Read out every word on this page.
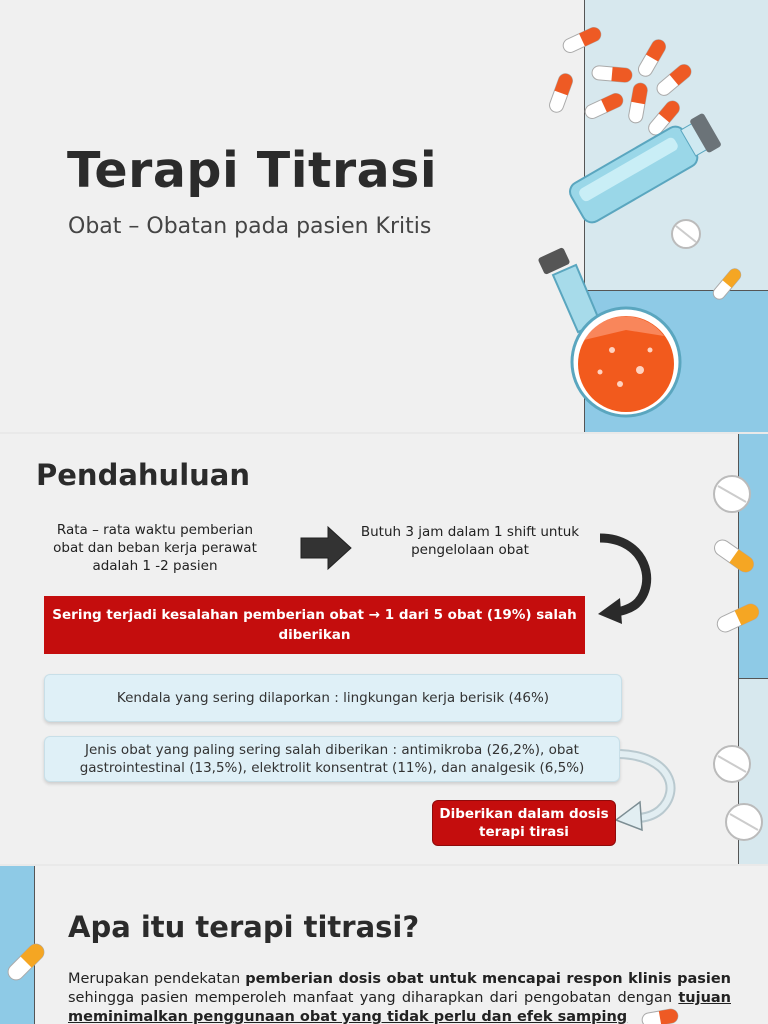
Terapi Titrasi
Obat – Obatan pada pasien Kritis
Pendahuluan
Rata – rata waktu pemberian obat dan beban kerja perawat adalah 1 -2 pasien
Butuh 3 jam dalam 1 shift untuk pengelolaan obat
Sering terjadi kesalahan pemberian obat → 1 dari 5 obat (19%) salah diberikan
Kendala yang sering dilaporkan : lingkungan kerja berisik (46%)
Jenis obat yang paling sering salah diberikan : antimikroba (26,2%), obat gastrointestinal (13,5%), elektrolit konsentrat (11%), dan analgesik (6,5%)
Diberikan dalam dosis terapi tirasi
Apa itu terapi titrasi?
Merupakan pendekatan pemberian dosis obat untuk mencapai respon klinis pasien sehingga pasien memperoleh manfaat yang diharapkan dari pengobatan dengan tujuan meminimalkan penggunaan obat yang tidak perlu dan efek samping
